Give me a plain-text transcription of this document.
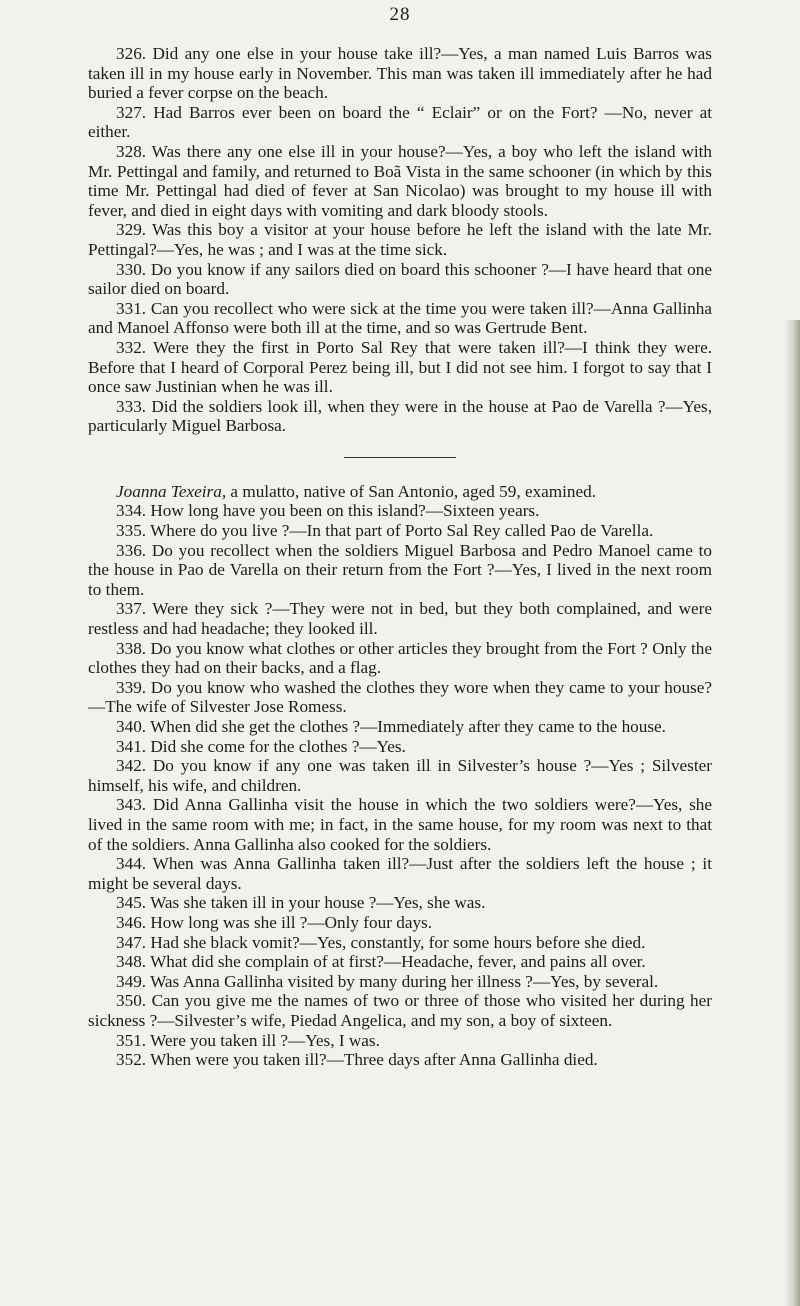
28

326. Did any one else in your house take ill?—Yes, a man named Luis Barros was taken ill in my house early in November. This man was taken ill immediately after he had buried a fever corpse on the beach.

327. Had Barros ever been on board the “ Eclair” or on the Fort? —No, never at either.

328. Was there any one else ill in your house?—Yes, a boy who left the island with Mr. Pettingal and family, and returned to Boã Vista in the same schooner (in which by this time Mr. Pettingal had died of fever at San Nicolao) was brought to my house ill with fever, and died in eight days with vomiting and dark bloody stools.

329. Was this boy a visitor at your house before he left the island with the late Mr. Pettingal?—Yes, he was ; and I was at the time sick.

330. Do you know if any sailors died on board this schooner ?—I have heard that one sailor died on board.

331. Can you recollect who were sick at the time you were taken ill?—Anna Gallinha and Manoel Affonso were both ill at the time, and so was Gertrude Bent.

332. Were they the first in Porto Sal Rey that were taken ill?—I think they were. Before that I heard of Corporal Perez being ill, but I did not see him. I forgot to say that I once saw Justinian when he was ill.

333. Did the soldiers look ill, when they were in the house at Pao de Varella ?—Yes, particularly Miguel Barbosa.

Joanna Texeira, a mulatto, native of San Antonio, aged 59, examined.

334. How long have you been on this island?—Sixteen years.

335. Where do you live ?—In that part of Porto Sal Rey called Pao de Varella.

336. Do you recollect when the soldiers Miguel Barbosa and Pedro Manoel came to the house in Pao de Varella on their return from the Fort ?—Yes, I lived in the next room to them.

337. Were they sick ?—They were not in bed, but they both complained, and were restless and had headache; they looked ill.

338. Do you know what clothes or other articles they brought from the Fort ? Only the clothes they had on their backs, and a flag.

339. Do you know who washed the clothes they wore when they came to your house?—The wife of Silvester Jose Romess.

340. When did she get the clothes ?—Immediately after they came to the house.

341. Did she come for the clothes ?—Yes.

342. Do you know if any one was taken ill in Silvester’s house ?—Yes ; Silvester himself, his wife, and children.

343. Did Anna Gallinha visit the house in which the two soldiers were?—Yes, she lived in the same room with me; in fact, in the same house, for my room was next to that of the soldiers. Anna Gallinha also cooked for the soldiers.

344. When was Anna Gallinha taken ill?—Just after the soldiers left the house ; it might be several days.

345. Was she taken ill in your house ?—Yes, she was.

346. How long was she ill ?—Only four days.

347. Had she black vomit?—Yes, constantly, for some hours before she died.

348. What did she complain of at first?—Headache, fever, and pains all over.

349. Was Anna Gallinha visited by many during her illness ?—Yes, by several.

350. Can you give me the names of two or three of those who visited her during her sickness ?—Silvester’s wife, Piedad Angelica, and my son, a boy of sixteen.

351. Were you taken ill ?—Yes, I was.

352. When were you taken ill?—Three days after Anna Gallinha died.
